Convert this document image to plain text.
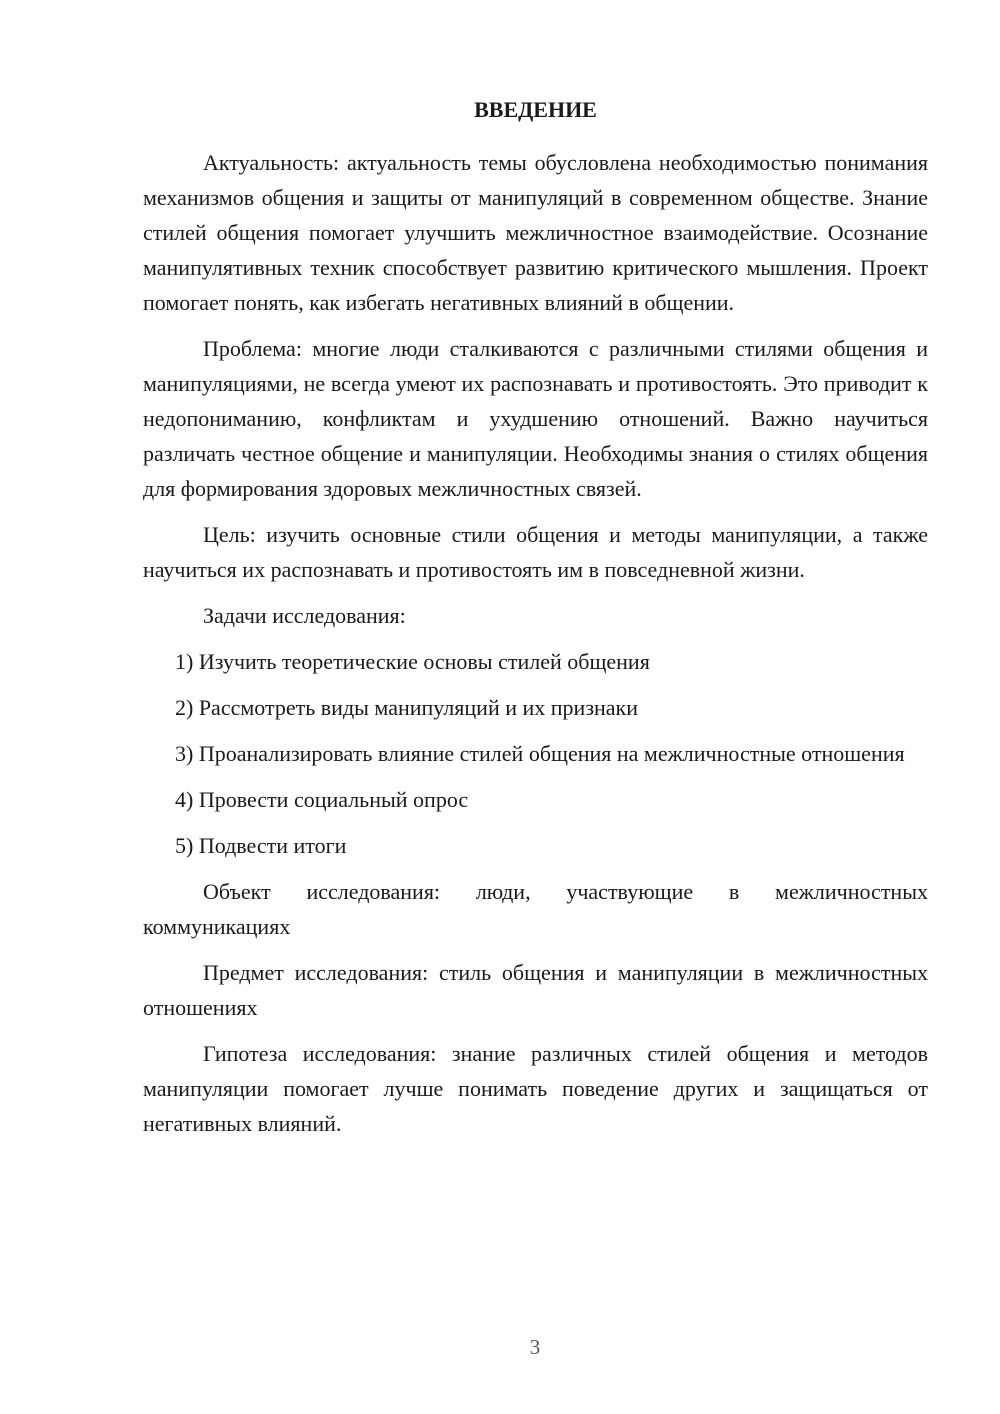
ВВЕДЕНИЕ

Актуальность: актуальность темы обусловлена необходимостью понимания механизмов общения и защиты от манипуляций в современном обществе. Знание стилей общения помогает улучшить межличностное взаимодействие. Осознание манипулятивных техник способствует развитию критического мышления. Проект помогает понять, как избегать негативных влияний в общении.

Проблема: многие люди сталкиваются с различными стилями общения и манипуляциями, не всегда умеют их распознавать и противостоять. Это приводит к недопониманию, конфликтам и ухудшению отношений. Важно научиться различать честное общение и манипуляции. Необходимы знания о стилях общения для формирования здоровых межличностных связей.

Цель: изучить основные стили общения и методы манипуляции, а также научиться их распознавать и противостоять им в повседневной жизни.

Задачи исследования:

1) Изучить теоретические основы стилей общения

2) Рассмотреть виды манипуляций и их признаки

3) Проанализировать влияние стилей общения на межличностные отношения

4) Провести социальный опрос

5) Подвести итоги

Объект исследования: люди, участвующие в межличностных коммуникациях

Предмет исследования: стиль общения и манипуляции в межличностных отношениях

Гипотеза исследования: знание различных стилей общения и методов манипуляции помогает лучше понимать поведение других и защищаться от негативных влияний.

3
